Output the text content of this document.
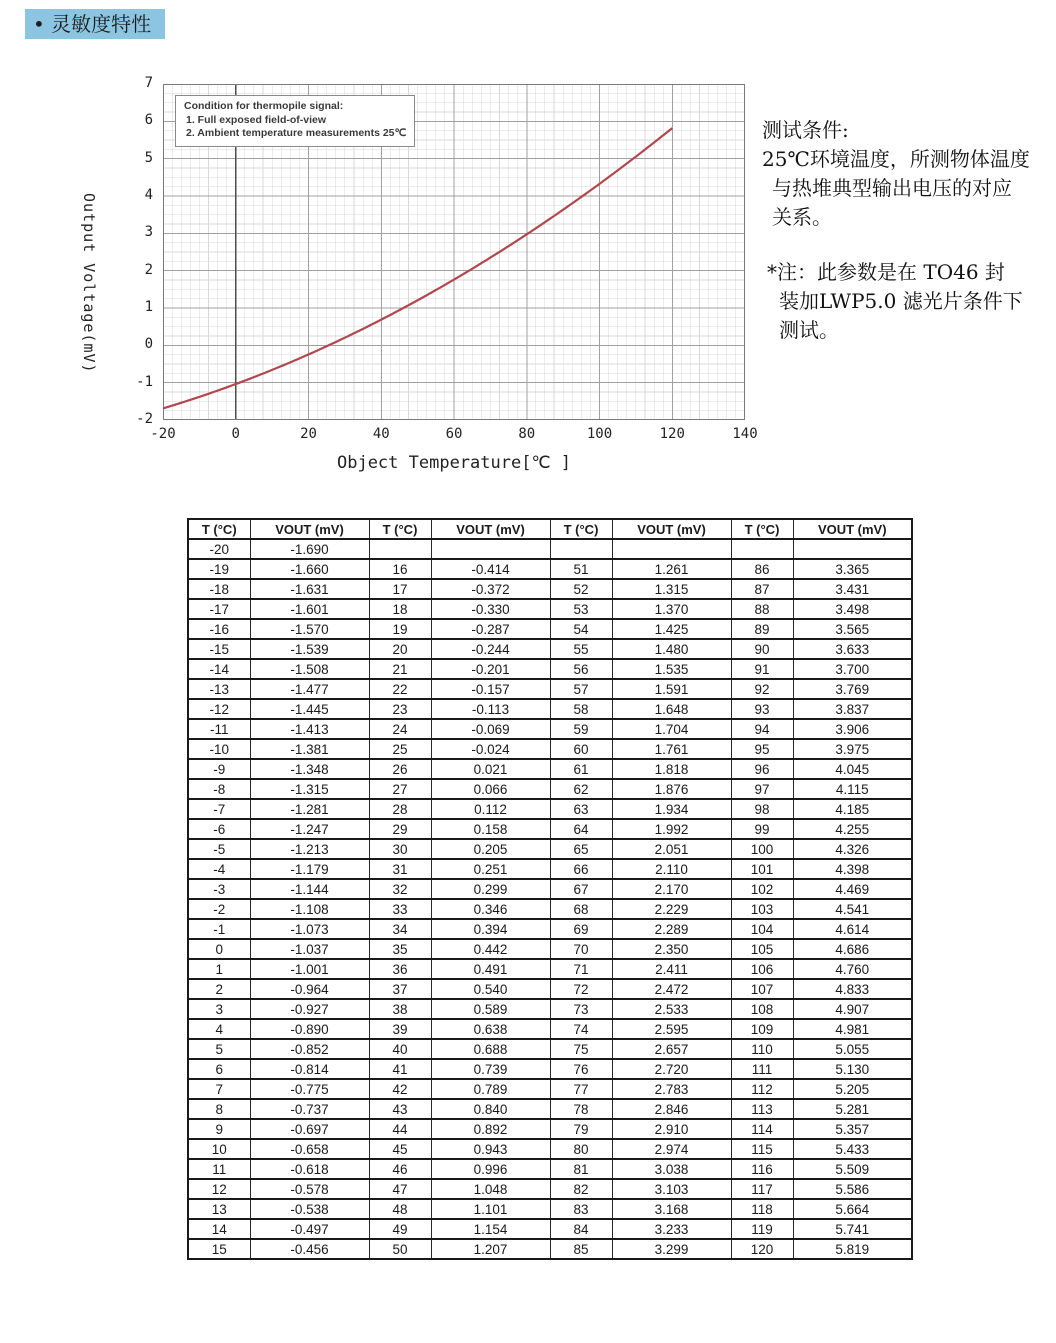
• 灵敏度特性
Output Voltage(mV)
Object Temperature[℃ ]
Condition for thermopile signal:
1. Full exposed field-of-view
2. Ambient temperature measurements 25℃
7
6
5
4
3
2
1
0
-1
-2
-20	0	20	40	60	80	100	120	140
测试条件:
25℃环境温度，所测物体温度
与热堆典型输出电压的对应
关系。
*注：此参数是在 TO46 封
装加LWP5.0 滤光片条件下
测试。
T (°C)	VOUT (mV)	T (°C)	VOUT (mV)	T (°C)	VOUT (mV)	T (°C)	VOUT (mV)
-20	-1.690						
-19	-1.660	16	-0.414	51	1.261	86	3.365
-18	-1.631	17	-0.372	52	1.315	87	3.431
-17	-1.601	18	-0.330	53	1.370	88	3.498
-16	-1.570	19	-0.287	54	1.425	89	3.565
-15	-1.539	20	-0.244	55	1.480	90	3.633
-14	-1.508	21	-0.201	56	1.535	91	3.700
-13	-1.477	22	-0.157	57	1.591	92	3.769
-12	-1.445	23	-0.113	58	1.648	93	3.837
-11	-1.413	24	-0.069	59	1.704	94	3.906
-10	-1.381	25	-0.024	60	1.761	95	3.975
-9	-1.348	26	0.021	61	1.818	96	4.045
-8	-1.315	27	0.066	62	1.876	97	4.115
-7	-1.281	28	0.112	63	1.934	98	4.185
-6	-1.247	29	0.158	64	1.992	99	4.255
-5	-1.213	30	0.205	65	2.051	100	4.326
-4	-1.179	31	0.251	66	2.110	101	4.398
-3	-1.144	32	0.299	67	2.170	102	4.469
-2	-1.108	33	0.346	68	2.229	103	4.541
-1	-1.073	34	0.394	69	2.289	104	4.614
0	-1.037	35	0.442	70	2.350	105	4.686
1	-1.001	36	0.491	71	2.411	106	4.760
2	-0.964	37	0.540	72	2.472	107	4.833
3	-0.927	38	0.589	73	2.533	108	4.907
4	-0.890	39	0.638	74	2.595	109	4.981
5	-0.852	40	0.688	75	2.657	110	5.055
6	-0.814	41	0.739	76	2.720	111	5.130
7	-0.775	42	0.789	77	2.783	112	5.205
8	-0.737	43	0.840	78	2.846	113	5.281
9	-0.697	44	0.892	79	2.910	114	5.357
10	-0.658	45	0.943	80	2.974	115	5.433
11	-0.618	46	0.996	81	3.038	116	5.509
12	-0.578	47	1.048	82	3.103	117	5.586
13	-0.538	48	1.101	83	3.168	118	5.664
14	-0.497	49	1.154	84	3.233	119	5.741
15	-0.456	50	1.207	85	3.299	120	5.819
